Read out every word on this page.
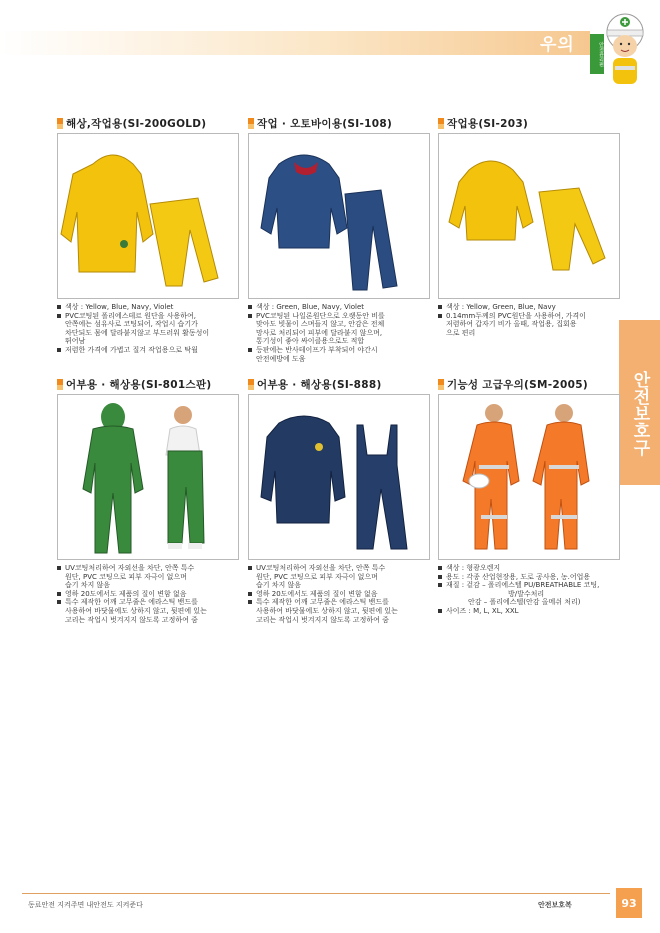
우의	안전관리편
안전보호구
해상,작업용(SI-200GOLD)
색상 : Yellow, Blue, Navy, Violet
PVC코팅된 폴리에스테르 원단을 사용하여,
안쪽에는 섬유사로 코팅되어, 작업시 습기가
차단되도 몸에 달라붙지않고 부드러워 활동성이
뛰어남
저렴한 가격에 가볍고 질겨 작업용으로 탁월
작업 · 오토바이용(SI-108)
색상 : Green, Blue, Navy, Violet
PVC코팅된 나일론원단으로 오랫동안 비를
맞아도 빗물이 스며들지 않고, 안감은 전체
망사로 처리되어 피부에 달라붙지 않으며,
통기성이 좋아 싸이클용으로도 적합
등판에는 반사테이프가 부착되어 야간시
안전예방에 도움
작업용(SI-203)
색상 : Yellow, Green, Blue, Navy
0.14mm두께의 PVC원단을 사용하여, 가격이
저렴하여 갑자기 비가 올때, 작업용, 집회용
으로 편리
어부용 · 해상용(SI-801스판)
UV코팅처리하여 자외선을 차단, 안쪽 특수
원단, PVC 코팅으로 피부 자극이 없으며
습기 차지 않음
영하 20도에서도 제품의 질이 변함 없음
특수 제작한 어깨 고무줄은 에라스틱 밴드를
사용하여 바닷물에도 상하지 않고, 뒷편에 있는
고리는 작업시 벗겨지지 않도록 고정하여 줌
어부용 · 해상용(SI-888)
UV코팅처리하여 자외선을 차단, 안쪽 특수
원단, PVC 코팅으로 피부 자극이 없으며
습기 차지 않음
영하 20도에서도 제품의 질이 변함 없음
특수 제작한 어깨 고무줄은 에라스틱 밴드를
사용하여 바닷물에도 상하지 않고, 뒷편에 있는
고리는 작업시 벗겨지지 않도록 고정하여 줌
기능성 고급우의(SM-2005)
색상 : 형광오렌지
용도 : 각종 산업현장용, 도로 공사용, 농.어업용
재질 : 겉감 – 폴리에스텔 PU/BREATHABLE 코팅,
방/발수처리
안감 – 폴리에스텔(안감 올메쉬 처리)
사이즈 : M, L, XL, XXL
동료안전 지켜주면 내안전도 지켜준다	안전보호복	93
